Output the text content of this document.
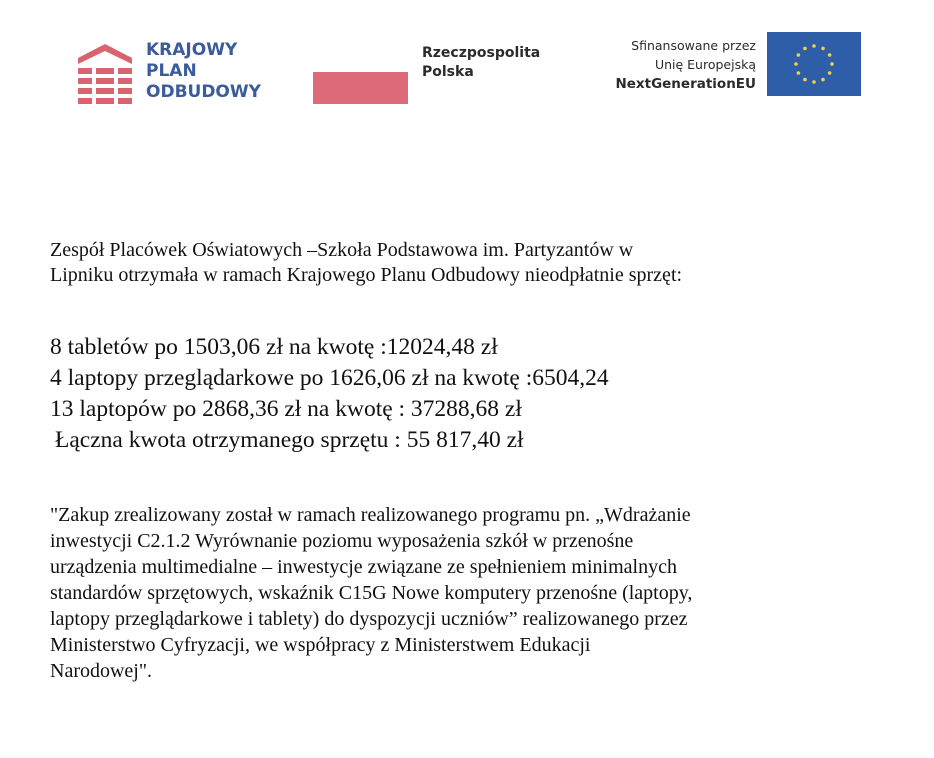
KRAJOWY
PLAN
ODBUDOWY
Rzeczpospolita
Polska
Sfinansowane przez
Unię Europejską
NextGenerationEU
Zespół Placówek Oświatowych –Szkoła Podstawowa im. Partyzantów w
Lipniku otrzymała w ramach Krajowego Planu Odbudowy nieodpłatnie sprzęt:
8 tabletów po 1503,06 zł na kwotę :12024,48 zł
4 laptopy przeglądarkowe po 1626,06 zł na kwotę :6504,24
13 laptopów po 2868,36 zł na kwotę : 37288,68 zł
Łączna kwota otrzymanego sprzętu : 55 817,40 zł
"Zakup zrealizowany został w ramach realizowanego programu pn. „Wdrażanie
inwestycji C2.1.2 Wyrównanie poziomu wyposażenia szkół w przenośne
urządzenia multimedialne – inwestycje związane ze spełnieniem minimalnych
standardów sprzętowych, wskaźnik C15G Nowe komputery przenośne (laptopy,
laptopy przeglądarkowe i tablety) do dyspozycji uczniów” realizowanego przez
Ministerstwo Cyfryzacji, we współpracy z Ministerstwem Edukacji
Narodowej".
